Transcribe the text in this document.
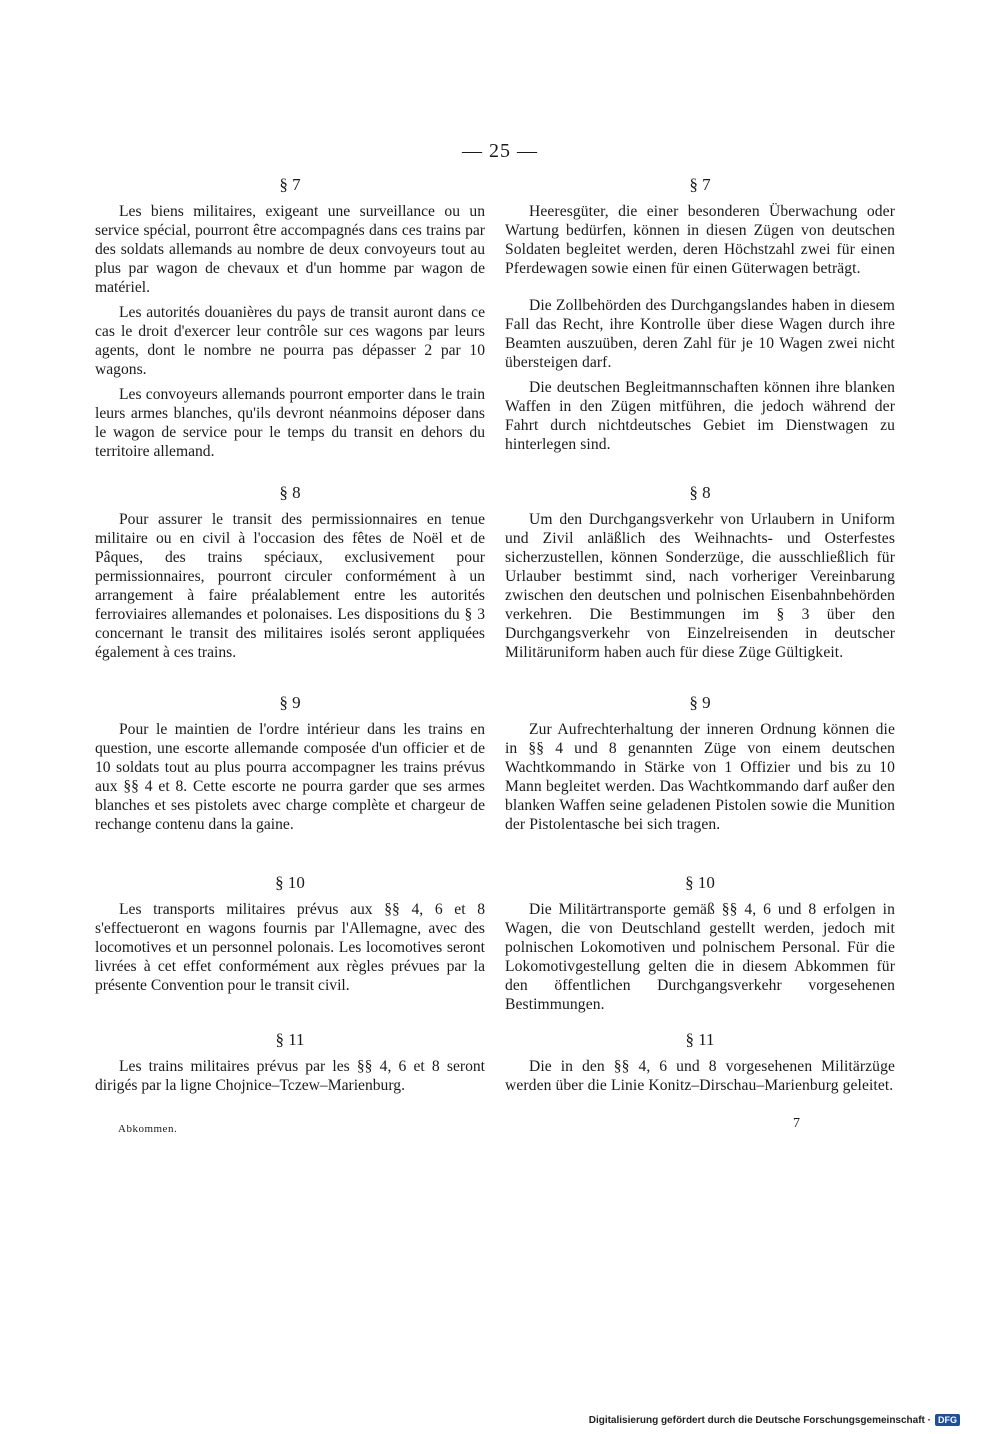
— 25 —
§ 7

Les biens militaires, exigeant une surveillance ou un service spécial, pourront être accompagnés dans ces trains par des soldats allemands au nombre de deux convoyeurs tout au plus par wagon de chevaux et d'un homme par wagon de matériel.

Les autorités douanières du pays de transit auront dans ce cas le droit d'exercer leur contrôle sur ces wagons par leurs agents, dont le nombre ne pourra pas dépasser 2 par 10 wagons.

Les convoyeurs allemands pourront emporter dans le train leurs armes blanches, qu'ils devront néanmoins déposer dans le wagon de service pour le temps du transit en dehors du territoire allemand.

§ 8

Pour assurer le transit des permissionnaires en tenue militaire ou en civil à l'occasion des fêtes de Noël et de Pâques, des trains spéciaux, exclusivement pour permissionnaires, pourront circuler conformément à un arrangement à faire préalablement entre les autorités ferroviaires allemandes et polonaises. Les dispositions du § 3 concernant le transit des militaires isolés seront appliquées également à ces trains.

§ 9

Pour le maintien de l'ordre intérieur dans les trains en question, une escorte allemande composée d'un officier et de 10 soldats tout au plus pourra accompagner les trains prévus aux §§ 4 et 8. Cette escorte ne pourra garder que ses armes blanches et ses pistolets avec charge complète et chargeur de rechange contenu dans la gaine.

§ 10

Les transports militaires prévus aux §§ 4, 6 et 8 s'effectueront en wagons fournis par l'Allemagne, avec des locomotives et un personnel polonais. Les locomotives seront livrées à cet effet conformément aux règles prévues par la présente Convention pour le transit civil.

§ 11

Les trains militaires prévus par les §§ 4, 6 et 8 seront dirigés par la ligne Chojnice–Tczew–Marienburg.

§ 7

Heeresgüter, die einer besonderen Überwachung oder Wartung bedürfen, können in diesen Zügen von deutschen Soldaten begleitet werden, deren Höchstzahl zwei für einen Pferdewagen sowie einen für einen Güterwagen beträgt.

Die Zollbehörden des Durchgangslandes haben in diesem Fall das Recht, ihre Kontrolle über diese Wagen durch ihre Beamten auszuüben, deren Zahl für je 10 Wagen zwei nicht übersteigen darf.

Die deutschen Begleitmannschaften können ihre blanken Waffen in den Zügen mitführen, die jedoch während der Fahrt durch nichtdeutsches Gebiet im Dienstwagen zu hinterlegen sind.

§ 8

Um den Durchgangsverkehr von Urlaubern in Uniform und Zivil anläßlich des Weihnachts- und Osterfestes sicherzustellen, können Sonderzüge, die ausschließlich für Urlauber bestimmt sind, nach vorheriger Vereinbarung zwischen den deutschen und polnischen Eisenbahnbehörden verkehren. Die Bestimmungen im § 3 über den Durchgangsverkehr von Einzelreisenden in deutscher Militäruniform haben auch für diese Züge Gültigkeit.

§ 9

Zur Aufrechterhaltung der inneren Ordnung können die in §§ 4 und 8 genannten Züge von einem deutschen Wachtkommando in Stärke von 1 Offizier und bis zu 10 Mann begleitet werden. Das Wachtkommando darf außer den blanken Waffen seine geladenen Pistolen sowie die Munition der Pistolentasche bei sich tragen.

§ 10

Die Militärtransporte gemäß §§ 4, 6 und 8 erfolgen in Wagen, die von Deutschland gestellt werden, jedoch mit polnischen Lokomotiven und polnischem Personal. Für die Lokomotivgestellung gelten die in diesem Abkommen für den öffentlichen Durchgangsverkehr vorgesehenen Bestimmungen.

§ 11

Die in den §§ 4, 6 und 8 vorgesehenen Militärzüge werden über die Linie Konitz–Dirschau–Marienburg geleitet.

Abkommen.	7
Digitalisierung gefördert durch die Deutsche Forschungsgemeinschaft · DFG
